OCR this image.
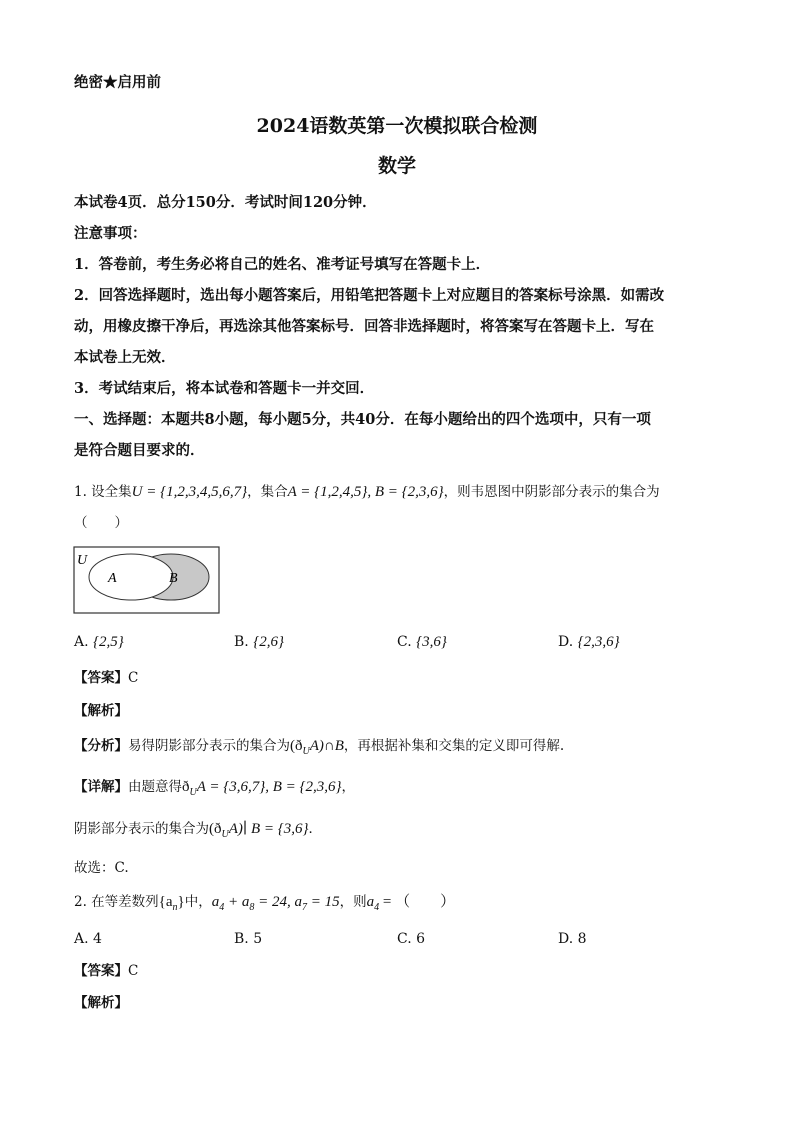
绝密★启用前
2024语数英第一次模拟联合检测
数学
本试卷4页．总分150分．考试时间120分钟．
注意事项：
1．答卷前，考生务必将自己的姓名、准考证号填写在答题卡上．
2．回答选择题时，选出每小题答案后，用铅笔把答题卡上对应题目的答案标号涂黑．如需改
动，用橡皮擦干净后，再选涂其他答案标号．回答非选择题时，将答案写在答题卡上．写在
本试卷上无效．
3．考试结束后，将本试卷和答题卡一并交回．
一、选择题：本题共8小题，每小题5分，共40分．在每小题给出的四个选项中，只有一项
是符合题目要求的．
1. 设全集U = {1,2,3,4,5,6,7}，集合A = {1,2,4,5}, B = {2,3,6}，则韦恩图中阴影部分表示的集合为
（　　）
U
A	B
A. {2,5}	B. {2,6}	C. {3,6}	D. {2,3,6}
【答案】C
【解析】
【分析】易得阴影部分表示的集合为$(ð_UA)\cap B$，再根据补集和交集的定义即可得解.
【详解】由题意得$ð_UA = \{3,6,7\}$, B = {2,3,6}，
阴影部分表示的集合为$(ð_UA)∣$ B = {3,6}．
故选：C.
2. 在等差数列$\{a_n\}$中，$a_4 + a_8 = 24$, $a_7 = 15$，则$a_4$ = （　　）
A. 4	B. 5	C. 6	D. 8
【答案】C
【解析】
